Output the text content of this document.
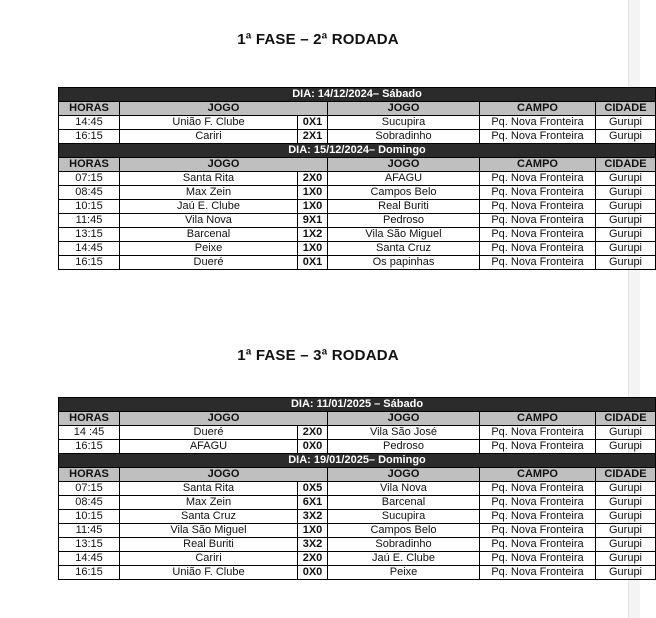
1ª FASE – 2ª RODADA
DIA: 14/12/2024– Sábado					
HORAS	JOGO		JOGO	CAMPO	CIDADE
14:45	União F. Clube	0X1	Sucupira	Pq. Nova Fronteira	Gurupi
16:15	Cariri	2X1	Sobradinho	Pq. Nova Fronteira	Gurupi
DIA: 15/12/2024– Domingo					
HORAS	JOGO		JOGO	CAMPO	CIDADE
07:15	Santa Rita	2X0	AFAGU	Pq. Nova Fronteira	Gurupi
08:45	Max Zein	1X0	Campos Belo	Pq. Nova Fronteira	Gurupi
10:15	Jaú E. Clube	1X0	Real Buriti	Pq. Nova Fronteira	Gurupi
11:45	Vila Nova	9X1	Pedroso	Pq. Nova Fronteira	Gurupi
13:15	Barcenal	1X2	Vila São Miguel	Pq. Nova Fronteira	Gurupi
14:45	Peixe	1X0	Santa Cruz	Pq. Nova Fronteira	Gurupi
16:15	Dueré	0X1	Os papinhas	Pq. Nova Fronteira	Gurupi
1ª FASE – 3ª RODADA
DIA: 11/01/2025 – Sábado					
HORAS	JOGO		JOGO	CAMPO	CIDADE
14 :45	Dueré	2X0	Vila São José	Pq. Nova Fronteira	Gurupi
16:15	AFAGU	0X0	Pedroso	Pq. Nova Fronteira	Gurupi
DIA: 19/01/2025– Domingo					
HORAS	JOGO		JOGO	CAMPO	CIDADE
07:15	Santa Rita	0X5	Vila Nova	Pq. Nova Fronteira	Gurupi
08:45	Max Zein	6X1	Barcenal	Pq. Nova Fronteira	Gurupi
10:15	Santa Cruz	3X2	Sucupira	Pq. Nova Fronteira	Gurupi
11:45	Vila São Miguel	1X0	Campos Belo	Pq. Nova Fronteira	Gurupi
13:15	Real Buriti	3X2	Sobradinho	Pq. Nova Fronteira	Gurupi
14:45	Cariri	2X0	Jaú E. Clube	Pq. Nova Fronteira	Gurupi
16:15	União F. Clube	0X0	Peixe	Pq. Nova Fronteira	Gurupi
